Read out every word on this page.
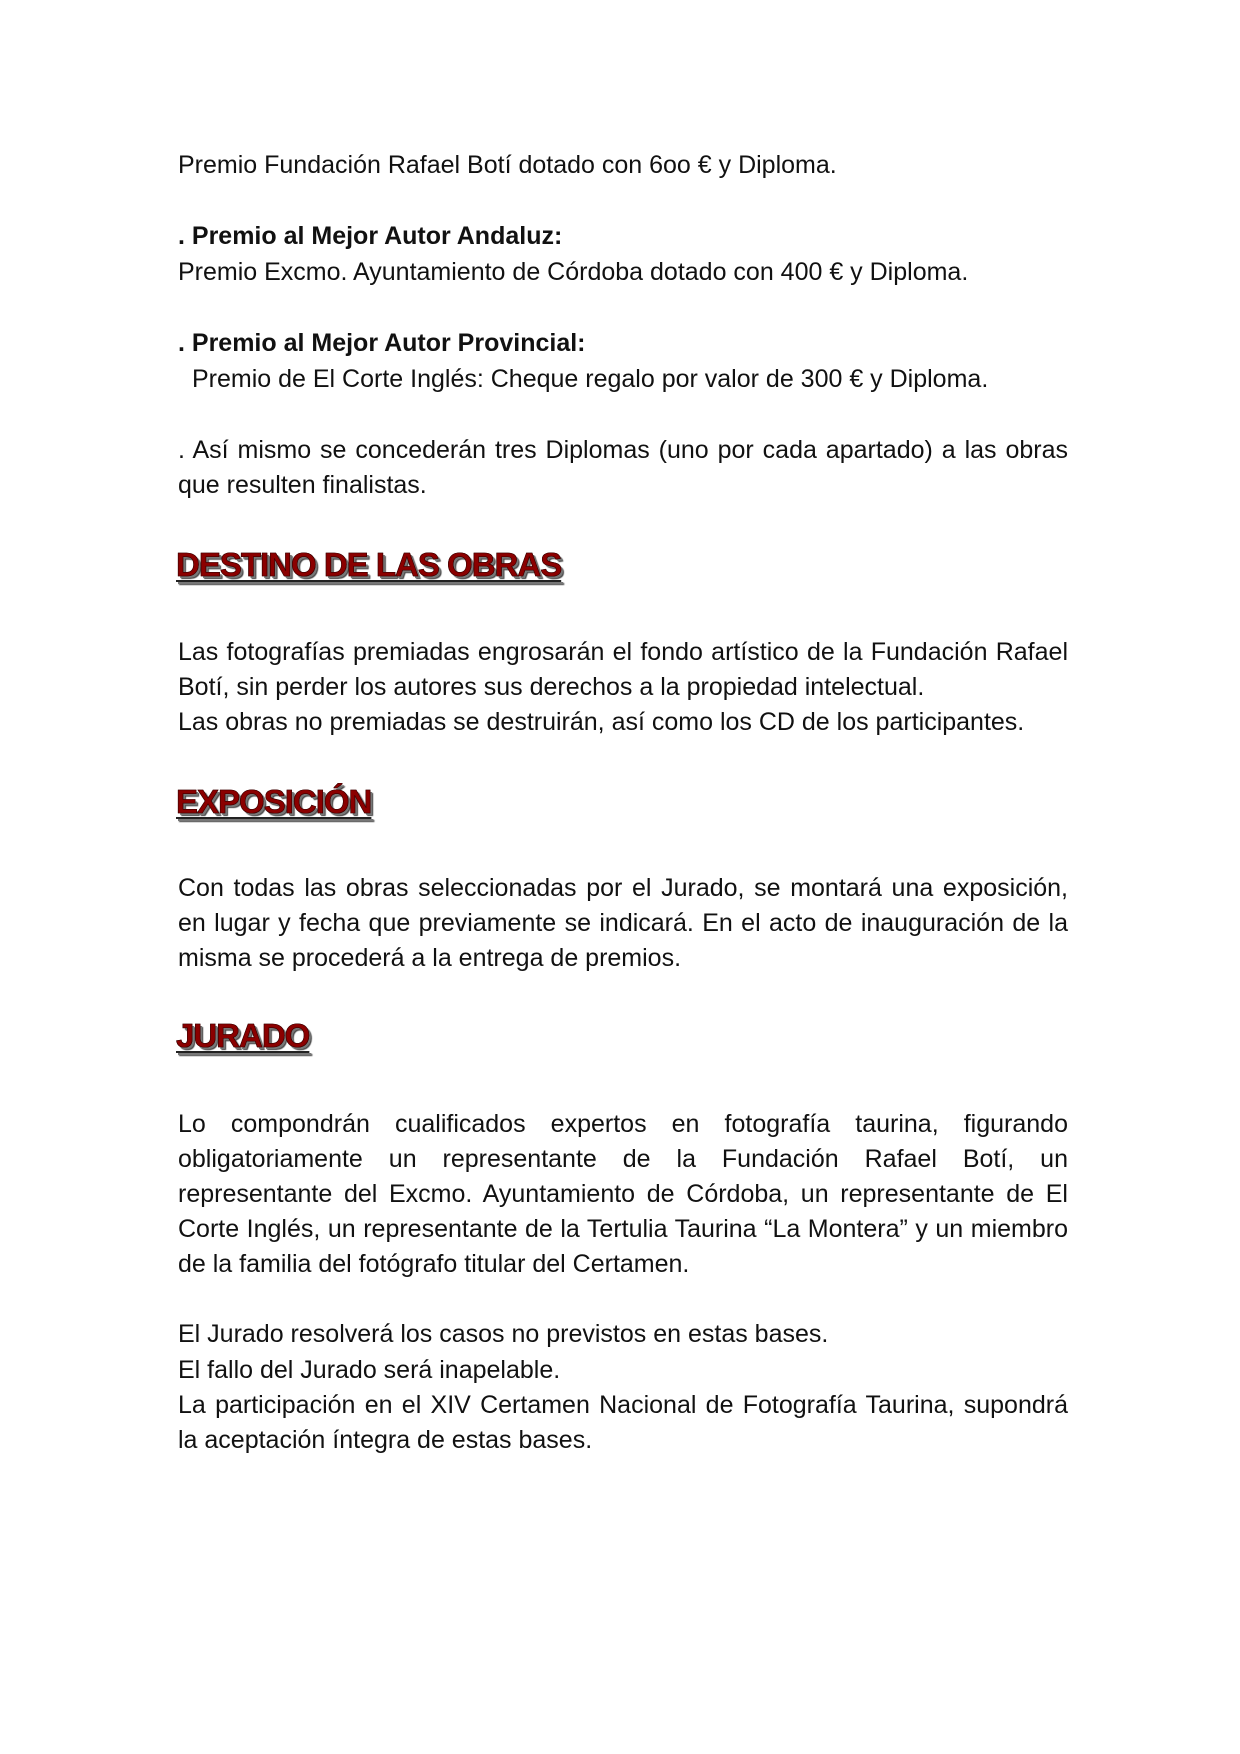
Premio Fundación Rafael Botí dotado con 6oo € y Diploma.

. Premio al Mejor Autor Andaluz:

Premio Excmo. Ayuntamiento de Córdoba dotado con 400 € y Diploma.

. Premio al Mejor Autor Provincial:

Premio de El Corte Inglés: Cheque regalo por valor de 300 € y Diploma.

. Así mismo se concederán tres Diplomas (uno por cada apartado) a las obras que resulten finalistas.

DESTINO DE LAS OBRAS

Las fotografías premiadas engrosarán el fondo artístico de la Fundación Rafael Botí, sin perder los autores sus derechos a la propiedad intelectual.

Las obras no premiadas se destruirán, así como los CD de los participantes.

EXPOSICIÓN

Con todas las obras seleccionadas por el Jurado, se montará una exposición, en lugar y fecha que previamente se indicará. En el acto de inauguración de la misma se procederá a la entrega de premios.

JURADO

Lo compondrán cualificados expertos en fotografía taurina, figurando obligatoriamente un representante de la Fundación Rafael Botí, un representante del Excmo. Ayuntamiento de Córdoba, un representante de El Corte Inglés, un representante de la Tertulia Taurina “La Montera” y un miembro de la familia del fotógrafo titular del Certamen.

El Jurado resolverá los casos no previstos en estas bases.

El fallo del Jurado será inapelable.

La participación en el XIV Certamen Nacional de Fotografía Taurina, supondrá la aceptación íntegra de estas bases.
